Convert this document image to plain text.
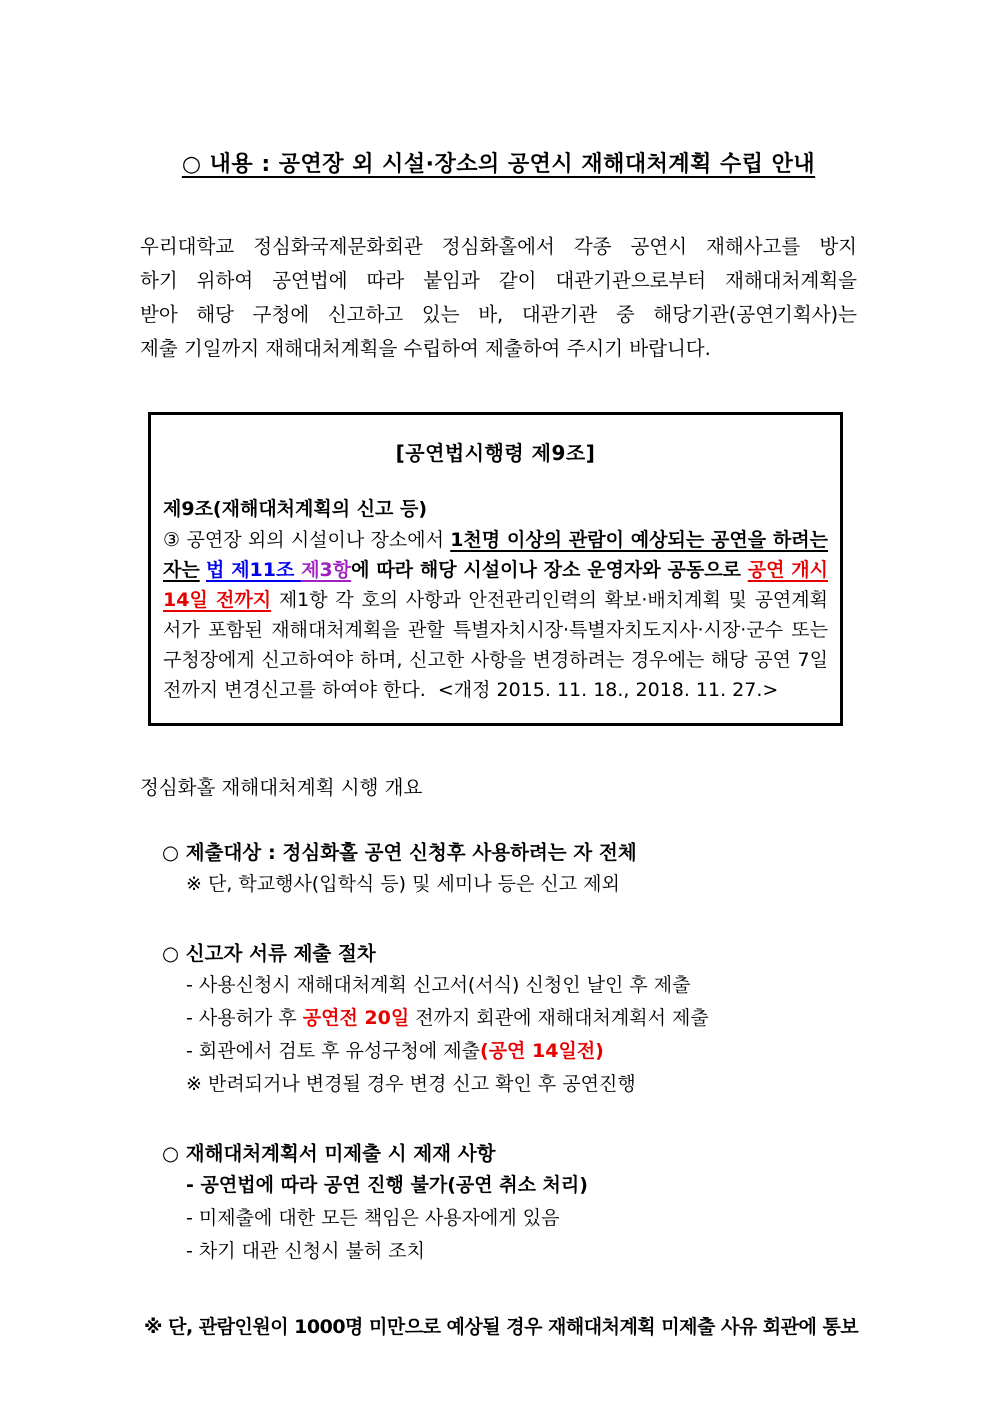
○ 내용 : 공연장 외 시설·장소의 공연시 재해대처계획 수립 안내
우리대학교 정심화국제문화회관 정심화홀에서 각종 공연시 재해사고를 방지
하기 위하여 공연법에 따라 붙임과 같이 대관기관으로부터 재해대처계획을
받아 해당 구청에 신고하고 있는 바, 대관기관 중 해당기관(공연기획사)는
제출 기일까지 재해대처계획을 수립하여 제출하여 주시기 바랍니다.
[공연법시행령 제9조]
제9조(재해대처계획의 신고 등)
③ 공연장 외의 시설이나 장소에서 1천명 이상의 관람이 예상되는 공연을 하려는 자는 법 제11조 제3항에 따라 해당 시설이나 장소 운영자와 공동으로 공연 개시 14일 전까지 제1항 각 호의 사항과 안전관리인력의 확보·배치계획 및 공연계획서가 포함된 재해대처계획을 관할 특별자치시장·특별자치도지사·시장·군수 또는 구청장에게 신고하여야 하며, 신고한 사항을 변경하려는 경우에는 해당 공연 7일 전까지 변경신고를 하여야 한다.  <개정 2015. 11. 18., 2018. 11. 27.>
정심화홀 재해대처계획 시행 개요
○ 제출대상 : 정심화홀 공연 신청후 사용하려는 자 전체
※ 단, 학교행사(입학식 등) 및 세미나 등은 신고 제외
○ 신고자 서류 제출 절차
- 사용신청시 재해대처계획 신고서(서식) 신청인 날인 후 제출
- 사용허가 후 공연전 20일 전까지 회관에 재해대처계획서 제출
- 회관에서 검토 후 유성구청에 제출(공연 14일전)
※ 반려되거나 변경될 경우 변경 신고 확인 후 공연진행
○ 재해대처계획서 미제출 시 제재 사항
- 공연법에 따라 공연 진행 불가(공연 취소 처리)
- 미제출에 대한 모든 책임은 사용자에게 있음
- 차기 대관 신청시 불허 조치
※ 단, 관람인원이 1000명 미만으로 예상될 경우 재해대처계획 미제출 사유 회관에 통보
